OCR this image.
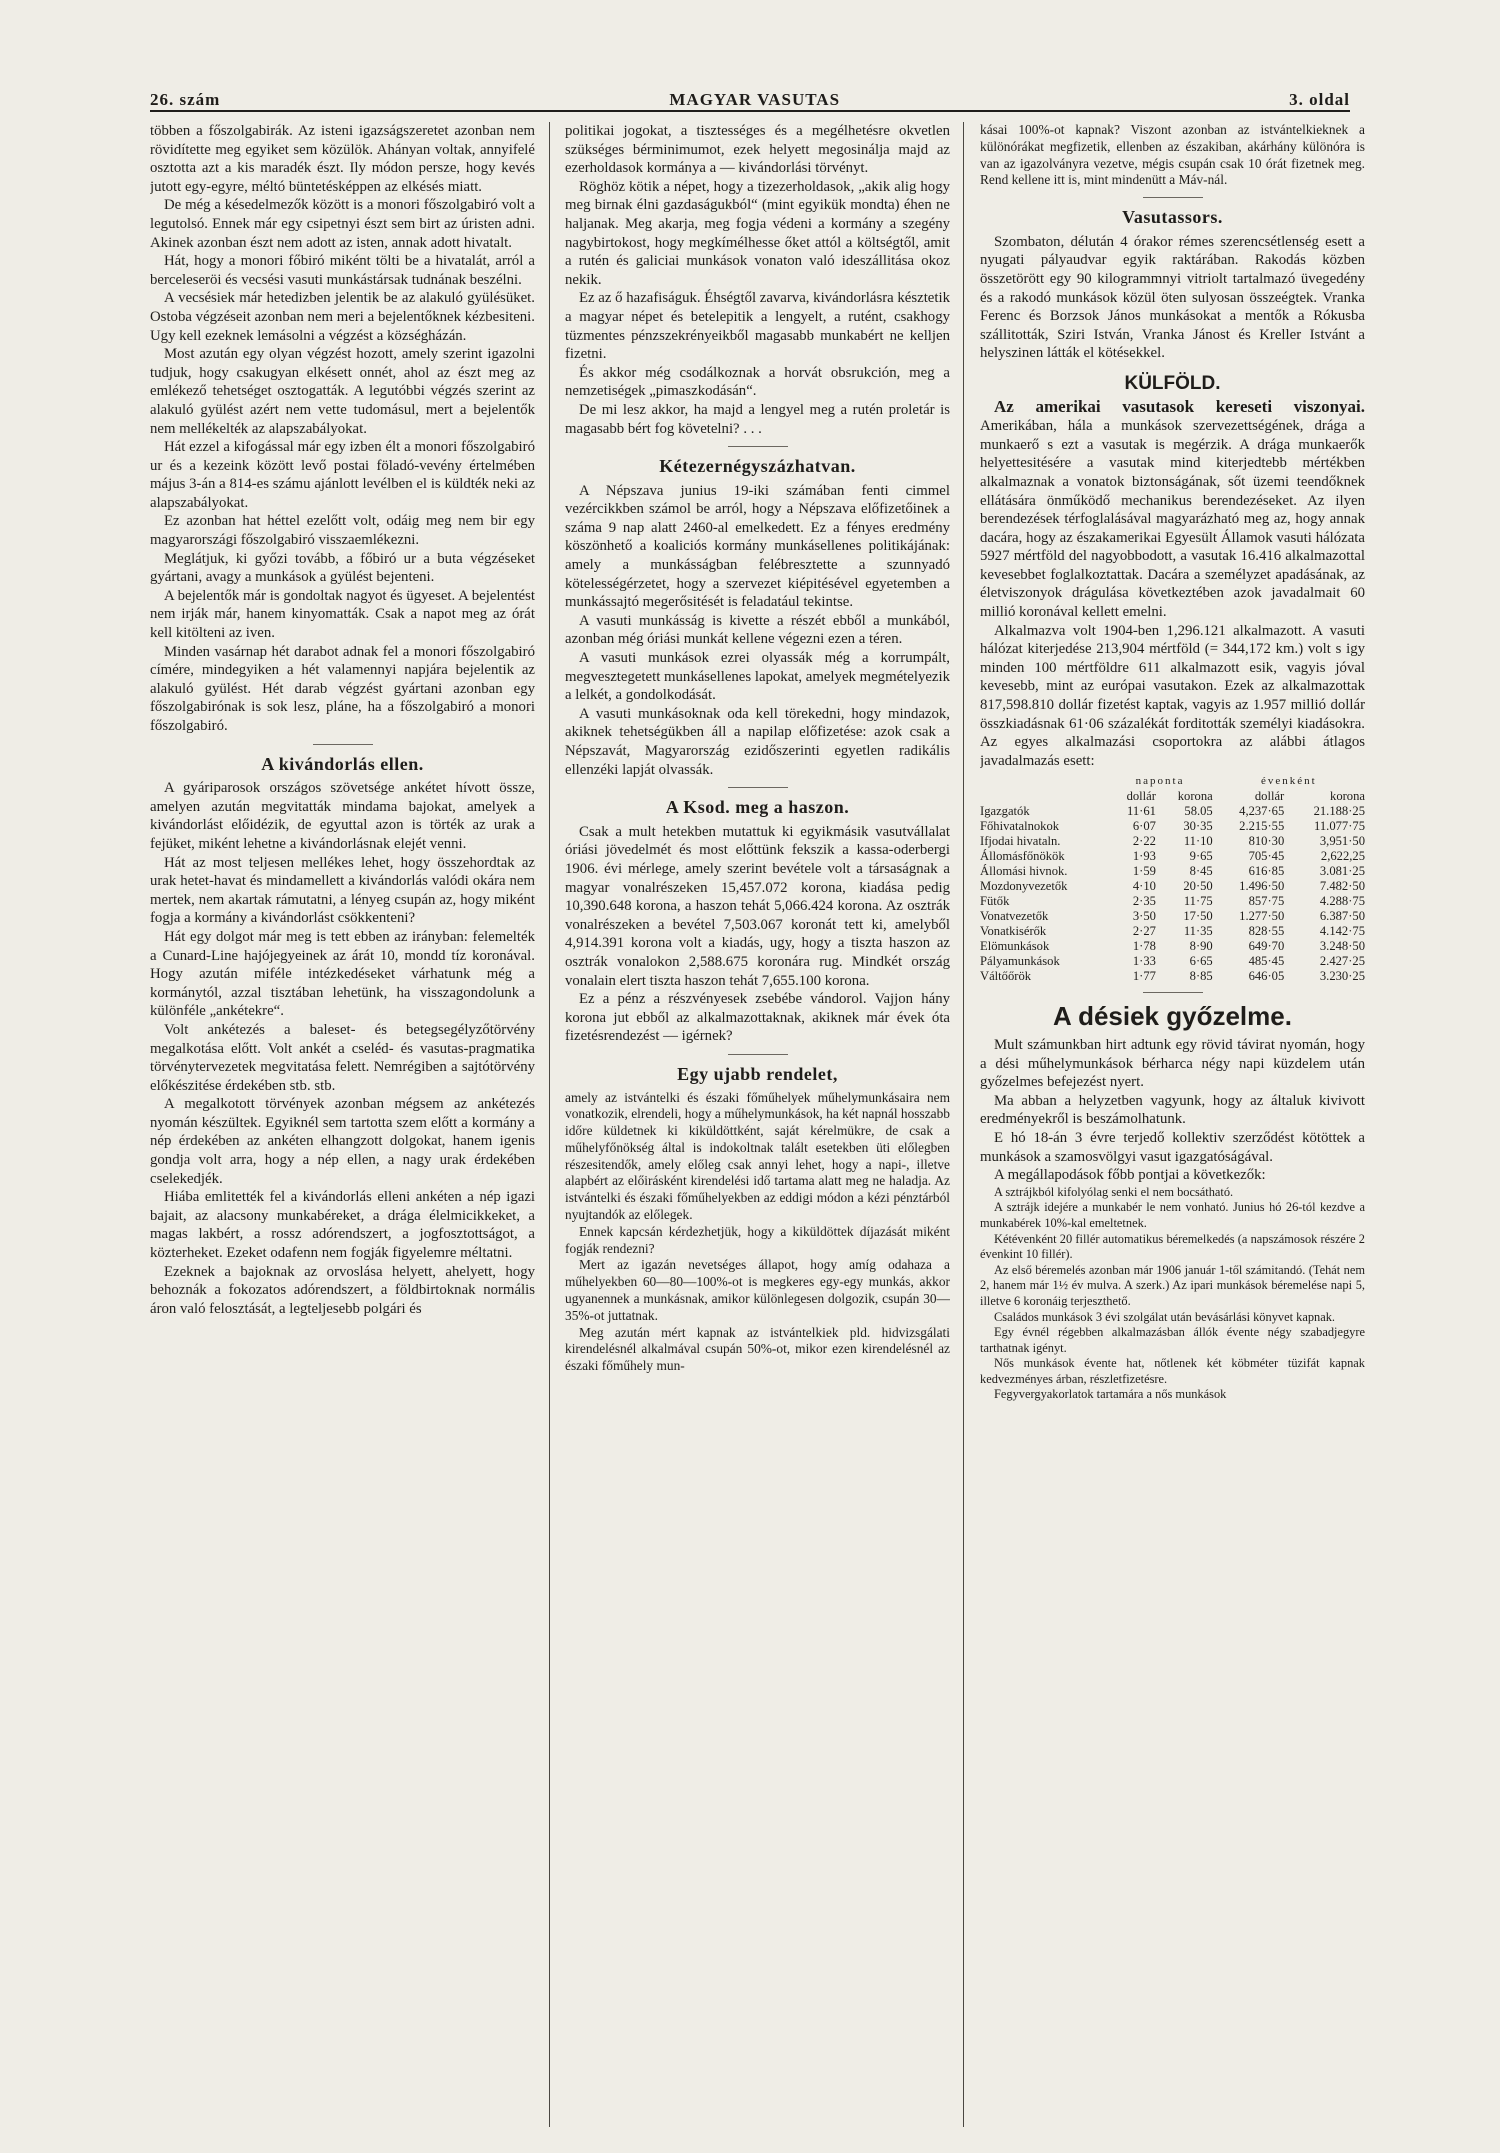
26. szám	MAGYAR VASUTAS	3. oldal

többen a főszolgabirák. Az isteni igazságszeretet azonban nem rövidítette meg egyiket sem közülök. Ahányan voltak, annyifelé osztotta azt a kis maradék észt. Ily módon persze, hogy kevés jutott egy-egyre, méltó büntetésképpen az elkésés miatt.

De még a késedelmezők között is a monori főszolgabiró volt a legutolsó. Ennek már egy csipetnyi észt sem birt az úristen adni. Akinek azonban észt nem adott az isten, annak adott hivatalt.

Hát, hogy a monori főbiró miként tölti be a hivatalát, arról a berceleseröi és vecsési vasuti munkástársak tudnának beszélni.

A vecsésiek már hetedizben jelentik be az alakuló gyülésüket. Ostoba végzéseit azonban nem meri a bejelentőknek kézbesiteni. Ugy kell ezeknek lemásolni a végzést a községházán.

Most azután egy olyan végzést hozott, amely szerint igazolni tudjuk, hogy csakugyan elkésett onnét, ahol az észt meg az emlékező tehetséget osztogatták. A legutóbbi végzés szerint az alakuló gyülést azért nem vette tudomásul, mert a bejelentők nem mellékelték az alapszabályokat.

Hát ezzel a kifogással már egy izben élt a monori főszolgabiró ur és a kezeink között levő postai föladó-vevény értelmében május 3-án a 814-es számu ajánlott levélben el is küldték neki az alapszabályokat.

Ez azonban hat héttel ezelőtt volt, odáig meg nem bir egy magyarországi főszolgabiró visszaemlékezni.

Meglátjuk, ki győzi tovább, a főbiró ur a buta végzéseket gyártani, avagy a munkások a gyülést bejenteni.

A bejelentők már is gondoltak nagyot és ügyeset. A bejelentést nem irják már, hanem kinyomatták. Csak a napot meg az órát kell kitölteni az iven.

Minden vasárnap hét darabot adnak fel a monori főszolgabiró címére, mindegyiken a hét valamennyi napjára bejelentik az alakuló gyülést. Hét darab végzést gyártani azonban egy főszolgabirónak is sok lesz, pláne, ha a főszolgabiró a monori főszolgabiró.

A kivándorlás ellen.

A gyáriparosok országos szövetsége ankétet hívott össze, amelyen azután megvitatták mindama bajokat, amelyek a kivándorlást előidézik, de egyuttal azon is törték az urak a fejüket, miként lehetne a kivándorlásnak elejét venni.

Hát az most teljesen mellékes lehet, hogy összehordtak az urak hetet-havat és mindamellett a kivándorlás valódi okára nem mertek, nem akartak rámutatni, a lényeg csupán az, hogy miként fogja a kormány a kivándorlást csökkenteni?

Hát egy dolgot már meg is tett ebben az irányban: felemelték a Cunard-Line hajójegyeinek az árát 10, mondd tíz koronával. Hogy azután miféle intézkedéseket várhatunk még a kormánytól, azzal tisztában lehetünk, ha visszagondolunk a különféle „ankétekre“.

Volt ankétezés a baleset- és betegsegélyzőtörvény megalkotása előtt. Volt ankét a cseléd- és vasutas-pragmatika törvénytervezetek megvitatása felett. Nemrégiben a sajtótörvény előkészitése érdekében stb. stb.

A megalkotott törvények azonban mégsem az ankétezés nyomán készültek. Egyiknél sem tartotta szem előtt a kormány a nép érdekében az ankéten elhangzott dolgokat, hanem igenis gondja volt arra, hogy a nép ellen, a nagy urak érdekében cselekedjék.

Hiába emlitették fel a kivándorlás elleni ankéten a nép igazi bajait, az alacsony munkabéreket, a drága élelmicikkeket, a magas lakbért, a rossz adórendszert, a jogfosztottságot, a közterheket. Ezeket odafenn nem fogják figyelemre méltatni.

Ezeknek a bajoknak az orvoslása helyett, ahelyett, hogy behoznák a fokozatos adórendszert, a földbirtoknak normális áron való felosztását, a legteljesebb polgári és

politikai jogokat, a tisztességes és a megélhetésre okvetlen szükséges bérminimumot, ezek helyett megosinálja majd az ezerholdasok kormánya a — kivándorlási törvényt.

Röghöz kötik a népet, hogy a tizezerholdasok, „akik alig hogy meg birnak élni gazdaságukból“ (mint egyikük mondta) éhen ne haljanak. Meg akarja, meg fogja védeni a kormány a szegény nagybirtokost, hogy megkímélhesse őket attól a költségtől, amit a rutén és galiciai munkások vonaton való ideszállitása okoz nekik.

Ez az ő hazafiságuk. Éhségtől zavarva, kivándorlásra késztetik a magyar népet és betelepitik a lengyelt, a rutént, csakhogy tüzmentes pénzszekrényeikből magasabb munkabért ne kelljen fizetni.

És akkor még csodálkoznak a horvát obsrukción, meg a nemzetiségek „pimaszkodásán“.

De mi lesz akkor, ha majd a lengyel meg a rutén proletár is magasabb bért fog követelni? . . .

Kétezernégyszázhatvan.

A Népszava junius 19-iki számában fenti cimmel vezércikkben számol be arról, hogy a Népszava előfizetőinek a száma 9 nap alatt 2460-al emelkedett. Ez a fényes eredmény köszönhető a koaliciós kormány munkásellenes politikájának: amely a munkásságban felébresztette a szunnyadó kötelességérzetet, hogy a szervezet kiépitésével egyetemben a munkássajtó megerősitését is feladatául tekintse.

A vasuti munkásság is kivette a részét ebből a munkából, azonban még óriási munkát kellene végezni ezen a téren.

A vasuti munkások ezrei olyassák még a korrumpált, megvesztegetett munkásellenes lapokat, amelyek megmételyezik a lelkét, a gondolkodását.

A vasuti munkásoknak oda kell törekedni, hogy mindazok, akiknek tehetségükben áll a napilap előfizetése: azok csak a Népszavát, Magyarország ezidőszerinti egyetlen radikális ellenzéki lapját olvassák.

A Ksod. meg a haszon.

Csak a mult hetekben mutattuk ki egyikmásik vasutvállalat óriási jövedelmét és most előttünk fekszik a kassa-oderbergi 1906. évi mérlege, amely szerint bevétele volt a társaságnak a magyar vonalrészeken 15,457.072 korona, kiadása pedig 10,390.648 korona, a haszon tehát 5,066.424 korona. Az osztrák vonalrészeken a bevétel 7,503.067 koronát tett ki, amelyből 4,914.391 korona volt a kiadás, ugy, hogy a tiszta haszon az osztrák vonalokon 2,588.675 koronára rug. Mindkét ország vonalain elert tiszta haszon tehát 7,655.100 korona.

Ez a pénz a részvényesek zsebébe vándorol. Vajjon hány korona jut ebből az alkalmazottaknak, akiknek már évek óta fizetésrendezést — igérnek?

Egy ujabb rendelet,

amely az istvántelki és északi főműhelyek műhelymunkásaira nem vonatkozik, elrendeli, hogy a műhelymunkások, ha két napnál hosszabb időre küldetnek ki kiküldöttként, saját kérelmükre, de csak a műhelyfőnökség által is indokoltnak talált esetekben üti előlegben részesitendők, amely előleg csak annyi lehet, hogy a napi-, illetve alapbért az előirásként kirendelési idő tartama alatt meg ne haladja. Az istvántelki és északi főműhelyekben az eddigi módon a kézi pénztárból nyujtandók az előlegek.

Ennek kapcsán kérdezhetjük, hogy a kiküldöttek díjazását miként fogják rendezni?

Mert az igazán nevetséges állapot, hogy amíg odahaza a műhelyekben 60—80—100%-ot is megkeres egy-egy munkás, akkor ugyanennek a munkásnak, amikor különlegesen dolgozik, csupán 30—35%-ot juttatnak.

Meg azután mért kapnak az istvántelkiek pld. hidvizsgálati kirendelésnél alkalmával csupán 50%-ot, mikor ezen kirendelésnél az északi főműhely mun-

kásai 100%-ot kapnak? Viszont azonban az istvántelkieknek a különórákat megfizetik, ellenben az északiban, akárhány különóra is van az igazolványra vezetve, mégis csupán csak 10 órát fizetnek meg. Rend kellene itt is, mint mindenütt a Máv-nál.

Vasutassors.

Szombaton, délután 4 órakor rémes szerencsétlenség esett a nyugati pályaudvar egyik raktárában. Rakodás közben összetörött egy 90 kilogrammnyi vitriolt tartalmazó üvegedény és a rakodó munkások közül öten sulyosan összeégtek. Vranka Ferenc és Borzsok János munkásokat a mentők a Rókusba szállitották, Sziri István, Vranka Jánost és Kreller Istvánt a helyszinen látták el kötésekkel.

KÜLFÖLD.

Az amerikai vasutasok kereseti viszonyai. Amerikában, hála a munkások szervezettségének, drága a munkaerő s ezt a vasutak is megérzik. A drága munkaerők helyettesitésére a vasutak mind kiterjedtebb mértékben alkalmaznak a vonatok biztonságának, sőt üzemi teendőknek ellátására önműködő mechanikus berendezéseket. Az ilyen berendezések térfoglalásával magyarázható meg az, hogy annak dacára, hogy az északamerikai Egyesült Államok vasuti hálózata 5927 mértföld del nagyobbodott, a vasutak 16.416 alkalmazottal kevesebbet foglalkoztattak. Dacára a személyzet apadásának, az életviszonyok drágulása következtében azok javadalmait 60 millió koronával kellett emelni.

Alkalmazva volt 1904-ben 1,296.121 alkalmazott. A vasuti hálózat kiterjedése 213,904 mértföld (= 344,172 km.) volt s igy minden 100 mértföldre 611 alkalmazott esik, vagyis jóval kevesebb, mint az európai vasutakon. Ezek az alkalmazottak 817,598.810 dollár fizetést kaptak, vagyis az 1.957 millió dollár összkiadásnak 61·06 százalékát forditották személyi kiadásokra. Az egyes alkalmazási csoportokra az alábbi átlagos javadalmazás esett:

	naponta		évenként	
	dollár	korona	dollár	korona
Igazgatók	11·61	58.05	4,237·65	21.188·25
Főhivatalnokok	6·07	30·35	2.215·55	11.077·75
Ifjodai hivataln.	2·22	11·10	810·30	3,951·50
Állomásfőnökök	1·93	9·65	705·45	2,622,25
Állomási hivnok.	1·59	8·45	616·85	3.081·25
Mozdonyvezetők	4·10	20·50	1.496·50	7.482·50
Fütők	2·35	11·75	857·75	4.288·75
Vonatvezetők	3·50	17·50	1.277·50	6.387·50
Vonatkisérők	2·27	11·35	828·55	4.142·75
Elömunkások	1·78	8·90	649·70	3.248·50
Pályamunkások	1·33	6·65	485·45	2.427·25
Váltőőrök	1·77	8·85	646·05	3.230·25
A désiek győzelme.

Mult számunkban hirt adtunk egy rövid távirat nyomán, hogy a dési műhelymunkások bérharca négy napi küzdelem után győzelmes befejezést nyert.

Ma abban a helyzetben vagyunk, hogy az általuk kivivott eredményekről is beszámolhatunk.

E hó 18-án 3 évre terjedő kollektiv szerződést kötöttek a munkások a szamosvölgyi vasut igazgatóságával.

A megállapodások főbb pontjai a következők:

A sztrájkból kifolyólag senki el nem bocsátható.

A sztrájk idejére a munkabér le nem vonható. Junius hó 26-tól kezdve a munkabérek 10%-kal emeltetnek.

Kétévenként 20 fillér automatikus béremelkedés (a napszámosok részére 2 évenkint 10 fillér).

Az első béremelés azonban már 1906 január 1-től számitandó. (Tehát nem 2, hanem már 1½ év mulva. A szerk.) Az ipari munkások béremelése napi 5, illetve 6 koronáig terjeszthető.

Családos munkások 3 évi szolgálat után bevásárlási könyvet kapnak.

Egy évnél régebben alkalmazásban állók évente négy szabadjegyre tarthatnak igényt.

Nős munkások évente hat, nőtlenek két köbméter tüzifát kapnak kedvezményes árban, részletfizetésre.

Fegyvergyakorlatok tartamára a nős munkások
